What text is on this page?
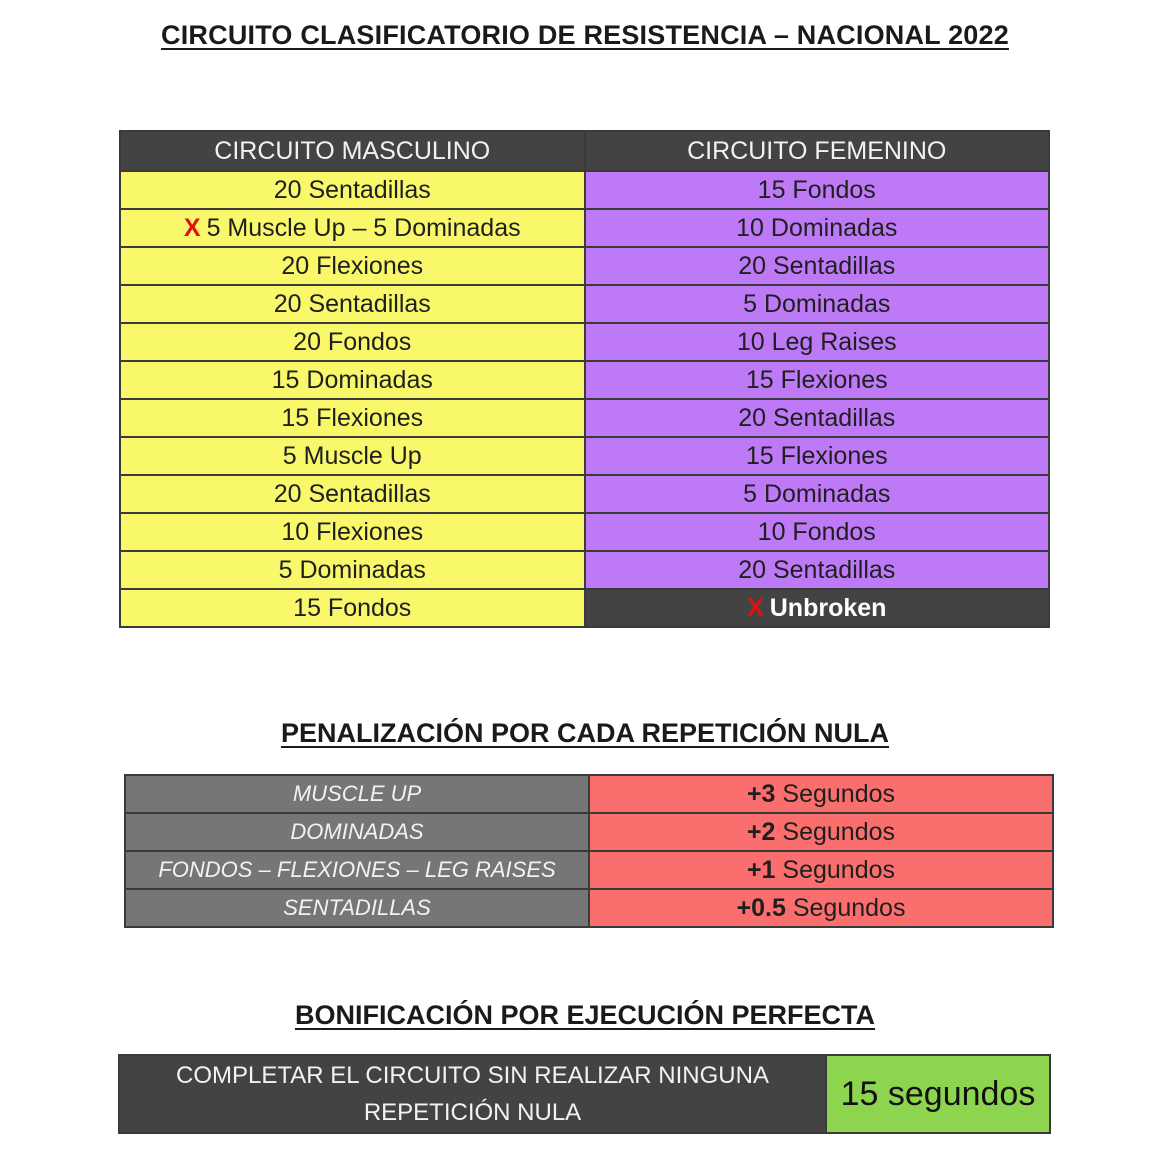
CIRCUITO CLASIFICATORIO DE RESISTENCIA – NACIONAL 2022
CIRCUITO MASCULINO	CIRCUITO FEMENINO
20 Sentadillas	15 Fondos
X 5 Muscle Up – 5 Dominadas	10 Dominadas
20 Flexiones	20 Sentadillas
20 Sentadillas	5 Dominadas
20 Fondos	10 Leg Raises
15 Dominadas	15 Flexiones
15 Flexiones	20 Sentadillas
5 Muscle Up	15 Flexiones
20 Sentadillas	5 Dominadas
10 Flexiones	10 Fondos
5 Dominadas	20 Sentadillas
15 Fondos	X Unbroken
PENALIZACIÓN POR CADA REPETICIÓN NULA
MUSCLE UP	+3 Segundos
DOMINADAS	+2 Segundos
FONDOS – FLEXIONES – LEG RAISES	+1 Segundos
SENTADILLAS	+0.5 Segundos
BONIFICACIÓN POR EJECUCIÓN PERFECTA
COMPLETAR EL CIRCUITO SIN REALIZAR NINGUNA
REPETICIÓN NULA	15 segundos
